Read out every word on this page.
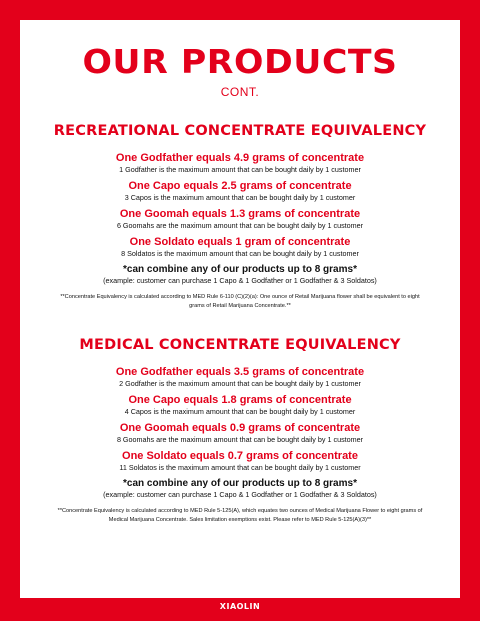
OUR PRODUCTS
CONT.
RECREATIONAL CONCENTRATE EQUIVALENCY
One Godfather equals 4.9 grams of concentrate
1 Godfather is the maximum amount that can be bought daily by 1 customer
One Capo equals 2.5 grams of concentrate
3 Capos is the maximum amount that can be bought daily by 1 customer
One Goomah equals 1.3 grams of concentrate
6 Goomahs are the maximum amount that can be bought daily by 1 customer
One Soldato equals 1 gram of concentrate
8 Soldatos is the maximum amount that can be bought daily by 1 customer
*can combine any of our products up to 8 grams*
(example: customer can purchase 1 Capo & 1 Godfather or 1 Godfather & 3 Soldatos)
**Concentrate Equivalency is calculated according to MED Rule 6-110 (C)(2)(a): One ounce of Retail Marijuana flower shall be equivalent to eight grams of Retail Marijuana Concentrate.**
MEDICAL CONCENTRATE EQUIVALENCY
One Godfather equals 3.5 grams of concentrate
2 Godfather is the maximum amount that can be bought daily by 1 customer
One Capo equals 1.8 grams of concentrate
4 Capos is the maximum amount that can be bought daily by 1 customer
One Goomah equals 0.9 grams of concentrate
8 Goomahs are the maximum amount that can be bought daily by 1 customer
One Soldato equals 0.7 grams of concentrate
11 Soldatos is the maximum amount that can be bought daily by 1 customer
*can combine any of our products up to 8 grams*
(example: customer can purchase 1 Capo & 1 Godfather or 1 Godfather & 3 Soldatos)
**Concentrate Equivalency is calculated according to MED Rule 5-125(A), which equates two ounces of Medical Marijuana Flower to eight grams of Medical Marijuana Concentrate. Sales limitation exemptions exist. Please refer to MED Rule 5-125(A)(3)**
XIAOLIN
